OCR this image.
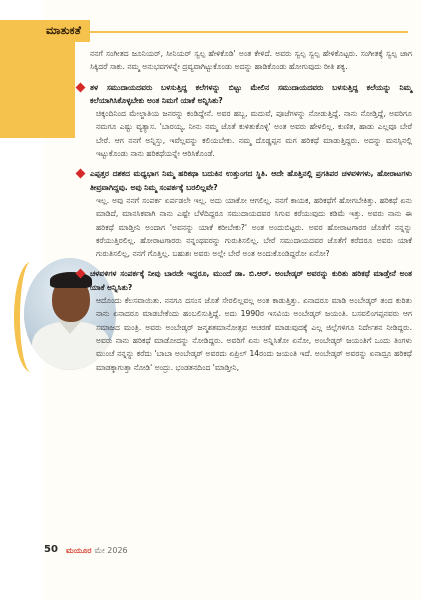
ಮಾತುಕತೆ

ನನಗೆ ಸಂಗೀತದ ಜೂನಿಯರ್, ಸೀನಿಯರ್ ಸ್ವಲ್ಪ ಹೇಳಿಕೊಡಿ' ಅಂತ ಕೇಳಿದೆ. ಅವರು ಸ್ವಲ್ಪ ಸ್ವಲ್ಪ ಹೇಳಿಕೊಟ್ಟರು. ಸಂಗೀತಕ್ಕೆ ಸ್ವಲ್ಪ ಜಾಗ ಸಿಕ್ಕಿದರೆ ಸಾಕು. ನಮ್ಮ ಅನುಭವಗಳನ್ನೇ ದ್ರವ್ಯವಾಗಿಟ್ಟುಕೊಂಡು ಅದನ್ನು ಹಾಡಿಕೊಂಡು ಹೋಗುವುದು ರೀತಿ ಶಕ್ಯ.

ತಳ ಸಮುದಾಯದವರು ಬಳಸುತ್ತಿದ್ದ ಕಲೆಗಳನ್ನು ಬಿಟ್ಟು ಮೇಲಿನ ಸಮುದಾಯದವರು ಬಳಸುತ್ತಿದ್ದ ಕಲೆಯನ್ನು ನಿಮ್ಮ ಕಲೆಯಾಗಿಸಿಕೊಳ್ಳಬೇಕು ಅಂತ ನಿಮಗೆ ಯಾಕೆ ಅನ್ನಿಸಿತು?

ಚಿಕ್ಕಂದಿನಿಂದ ಮೇಲ್ಜಾತಿಯ ಜನರನ್ನು ಕಂಡಿದ್ದೇನೆ. ಅವರ ಹಬ್ಬ, ಮದುವೆ, ಪೂಜೆಗಳನ್ನು ನೋಡುತ್ತಿದ್ದೆ. ನಾನು ನೋಡ್ತಿದ್ದೆ, ಅವರಿಗೂ ನಮಗೂ ಎಷ್ಟು ವ್ಯತ್ಯಾಸ. 'ಬಾರಯ್ಯ, ನೀನು ನಮ್ಮ ಜೊತೆ ಕುಳಿತುಕೊಳ್ಳಿ' ಅಂತ ಅವರು ಹೇಳಲಿಲ್ಲ. ಕುಣಿತ, ಹಾಡು ಎಲ್ಲವೂ ಬೇರೆ ಬೇರೆ. ಆಗ ನನಗೆ ಅನ್ನಿಸ್ತು, ಇವೆಲ್ಲವನ್ನು ಕಲಿಯಬೇಕು. ನಮ್ಮ ದೊಡ್ಡಪ್ಪನ ಮಗ ಹರಿಕಥೆ ಮಾಡುತ್ತಿದ್ದರು. ಅದನ್ನು ಮನಸ್ಸಿನಲ್ಲಿ ಇಟ್ಟುಕೊಂಡು ನಾನು ಹರಿಕಥೆಯನ್ನೇ ಆರಿಸಿಕೊಂಡೆ.

ಎಪ್ಪತ್ತರ ದಶಕದ ಮಧ್ಯಭಾಗ ನಿಮ್ಮ ಹರಿಕಥಾ ಬದುಕಿನ ಉತ್ತುಂಗದ ಸ್ಥಿತಿ. ಆದೇ ಹೊತ್ತಿನಲ್ಲಿ ಪ್ರಗತಿಪರ ಚಳವಳಿಗಳು, ಹೋರಾಟಗಳು ತೀವ್ರವಾಗಿದ್ದವು. ಅವು ನಿಮ್ಮ ಸಂಪರ್ಕಕ್ಕೆ ಬರಲಿಲ್ಲವೇ?

ಇಲ್ಲ. ಅವು ನನಗೆ ಸಂಪರ್ಕ ಏರ್ಪಡಲೇ ಇಲ್ಲ. ಅದು ಯಾಕೋ ಆಗಲಿಲ್ಲ. ನನಗೆ ಕಾಯಕ, ಹರಿಕಥೆಗೆ ಹೋಗಬೇಕಿತ್ತು. ಹರಿಕಥೆ ಏನು ಮಾಡಿದೆ, ಮಾನಸಿಕವಾಗಿ ನಾನು ಎಷ್ಟೇ ಬೆಳೆದಿದ್ದರೂ ಸಮುದಾಯದವರ ಸಿಗುವ ಕರೆಯುವುದು ಕಡಿಮೆ ಇತ್ತು. ಅವರು ನಾನು ಈ ಹರಿಕಥೆ ಮಾಡ್ತೀನಿ ಅಂದಾಗ 'ಅವನನ್ನು ಯಾಕೆ ಕರೀಬೇಕು?' ಅಂತ ಅಂದುಬಿಟ್ಟರು. ಅವರ ಹೋರಾಟಗಾರರ ಜೊತೆಗೆ ನನ್ನನ್ನು ಕರೆಯುತ್ತಿರಲಿಲ್ಲ. ಹೋರಾಟಗಾರರು ನನ್ನಂಥವರನ್ನು ಗುರುತಿಸಲಿಲ್ಲ. ಬೇರೆ ಸಮುದಾಯದವರ ಜೊತೆಗೆ ಕರೆದರೂ ಅವರು ಯಾಕೆ ಗುರುತಿಸಲಿಲ್ಲ, ನನಗೆ ಗೊತ್ತಿಲ್ಲ. ಬಹುಶಃ ಅವರು ಅಲ್ಲೇ ಬೇರೆ ಅಂತ ಅಂದುಕೊಂಡಿದ್ದರೋ ಏನೋ?

ಚಳವಳಿಗಳ ಸಂಪರ್ಕಕ್ಕೆ ನೀವು ಬಾರದೇ ಇದ್ದರೂ, ಮುಂದೆ ಡಾ. ಬಿ.ಆರ್. ಅಂಬೇಡ್ಕರ್ ಅವರನ್ನು ಕುರಿತು ಹರಿಕಥೆ ಮಾಡ್ತೇನೆ ಅಂತ ಯಾಕೆ ಅನ್ನಿಸಿತು?

ಆದೊಂದು ಕೆಲಸವಾಯಿತು. ನನಗೂ ದಸಂಸ ಜೊತೆ ಸೇರಲಿಲ್ಲವಲ್ಲ ಅಂತ ಕಾಡುತ್ತಿತ್ತು. ಏನಾದರೂ ಮಾಡಿ ಅಂಬೇಡ್ಕರ್ ತಂದ ಕುರಿತು ನಾನು ಏನಾದರೂ ಮಾಡಬೇಕೆಂದು ಹಂಬಲಿಸುತ್ತಿದ್ದೆ. ಅದು 1990ರ ಇಸವಿಯ ಅಂಬೇಡ್ಕರ್ ಜಯಂತಿ. ಬಸವಲಿಂಗಪ್ಪನವರು ಆಗ ಸಮಾಜದ ಮಂತ್ರಿ. ಅವರು ಅಂಬೇಡ್ಕರ್ ಜನ್ಮಶತಮಾನೋತ್ಸವ ಆಚರಣೆ ಮಾಡುವುದಕ್ಕೆ ಎಲ್ಲ ಜಿಲ್ಲೆಗಳಿಗೂ ನಿರ್ದೇಶನ ನೀಡಿದ್ದರು. ಅವರು ನಾನು ಹರಿಕಥೆ ಮಾಡೋದನ್ನು ನೋಡಿದ್ದರು. ಅವರಿಗೆ ಏನು ಅನ್ನಿಸಿತೋ ಏನೋ, ಅಂಬೇಡ್ಕರ್ ಜಯಂತಿಗೆ ಒಂದು ತಿಂಗಳು ಮುಂಚೆ ನನ್ನನ್ನು ಕರೆದು 'ಬಾಬಾ ಅಂಬೇಡ್ಕರ್ ಅವರದು ಏಪ್ರಿಲ್ 14ರಂದು ಜಯಂತಿ ಇದೆ. ಅಂಬೇಡ್ಕರ್ ಅವರನ್ನು ಏನಾದ್ರೂ ಹರಿಕಥೆ ಮಾಡಕ್ಕಾಗುತ್ತಾ ನೋಡಿ' ಅಂದ್ರು. ಭಂಡತನದಿಂದ 'ಮಾಡ್ತೀನಿ,

50 ಮಯೂರ ಮೇ 2026
